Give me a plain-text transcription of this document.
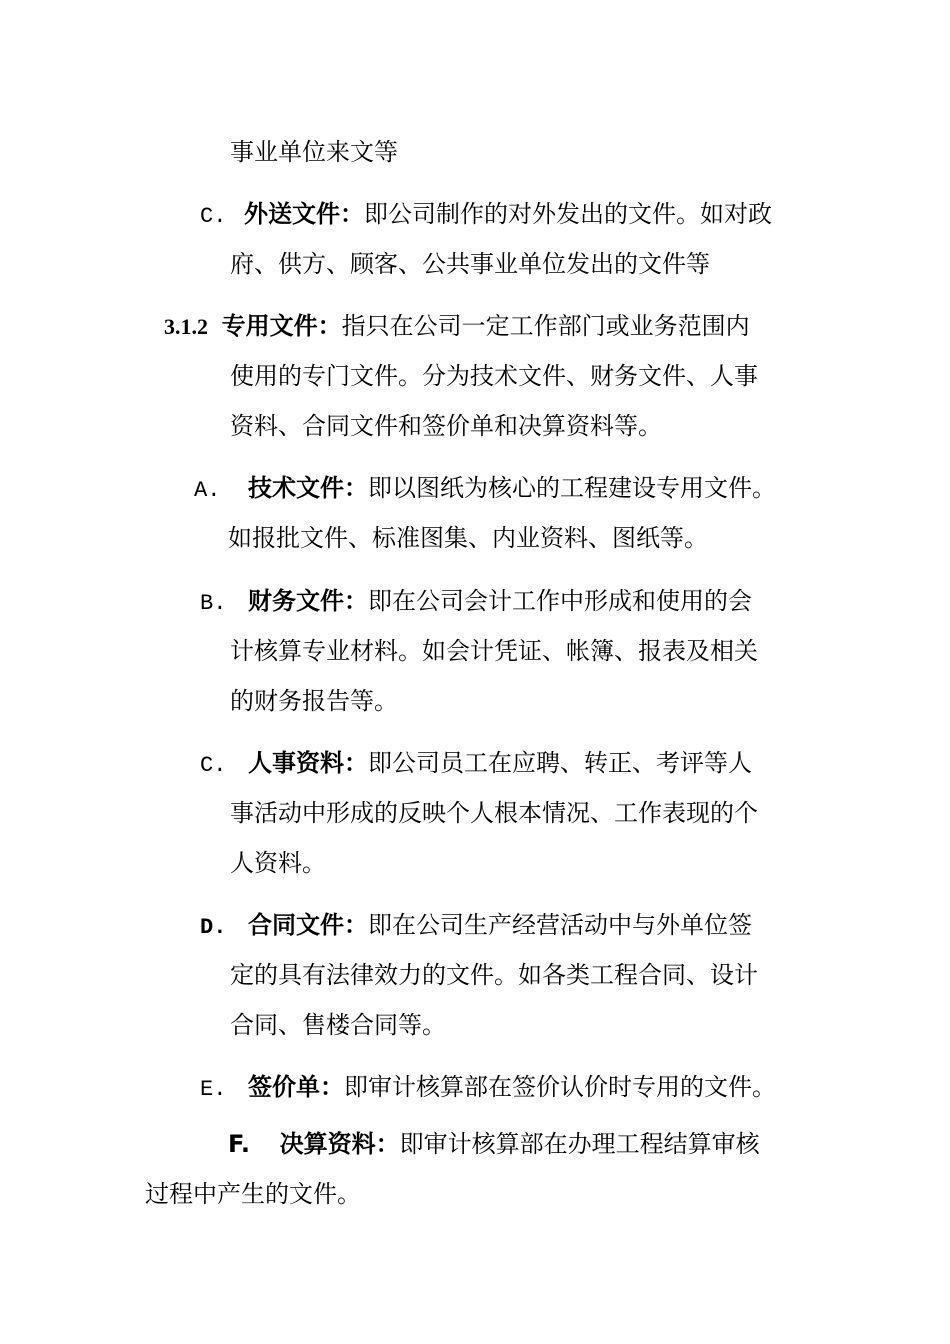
事业单位来文等
C. 外送文件：即公司制作的对外发出的文件。如对政
府、供方、顾客、公共事业单位发出的文件等
3.1.2 专用文件：指只在公司一定工作部门或业务范围内
使用的专门文件。分为技术文件、财务文件、人事
资料、合同文件和签价单和决算资料等。
A. 技术文件：即以图纸为核心的工程建设专用文件。
如报批文件、标准图集、内业资料、图纸等。
B. 财务文件：即在公司会计工作中形成和使用的会
计核算专业材料。如会计凭证、帐簿、报表及相关
的财务报告等。
C. 人事资料：即公司员工在应聘、转正、考评等人
事活动中形成的反映个人根本情况、工作表现的个
人资料。
D. 合同文件：即在公司生产经营活动中与外单位签
定的具有法律效力的文件。如各类工程合同、设计
合同、售楼合同等。
E. 签价单：即审计核算部在签价认价时专用的文件。
F. 决算资料：即审计核算部在办理工程结算审核
过程中产生的文件。
